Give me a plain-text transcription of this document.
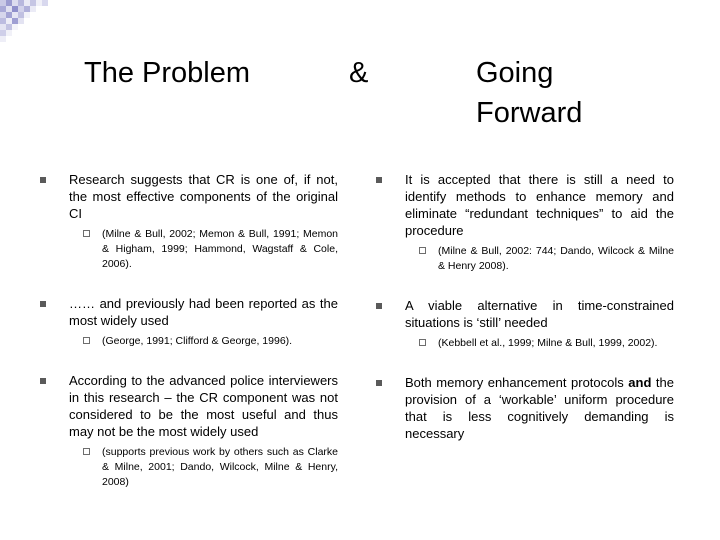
The Problem	&	Going
Forward
Research suggests that CR is one of, if not, the most effective components of the original CI
(Milne & Bull, 2002; Memon & Bull, 1991; Memon & Higham, 1999; Hammond, Wagstaff & Cole, 2006).
…… and previously had been reported as the most widely used
(George, 1991; Clifford & George, 1996).
According to the advanced police interviewers in this research – the CR component was not considered to be the most useful and thus may not be the most widely used
(supports previous work by others such as Clarke & Milne, 2001; Dando, Wilcock, Milne & Henry, 2008)
It is accepted that there is still a need to identify methods to enhance memory and eliminate “redundant techniques” to aid the procedure
(Milne & Bull, 2002: 744; Dando, Wilcock & Milne & Henry 2008).
A viable alternative in time-constrained situations is ‘still’ needed
(Kebbell et al., 1999; Milne & Bull, 1999, 2002).
Both memory enhancement protocols and the provision of a ‘workable’ uniform procedure that is less cognitively demanding is necessary
